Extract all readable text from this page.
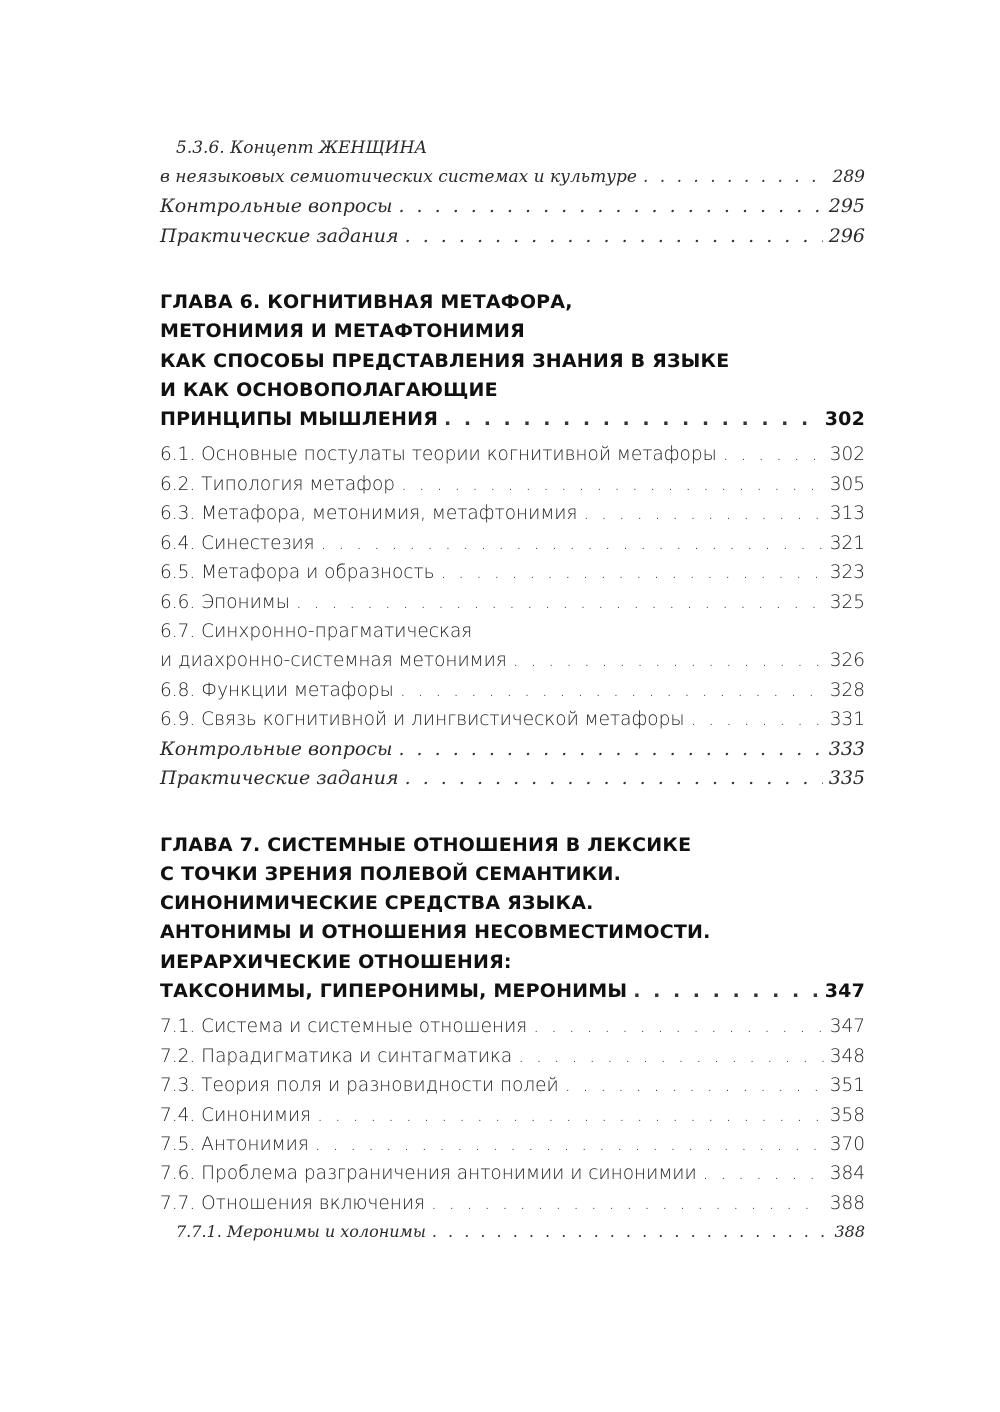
5.3.6. Концепт ЖЕНЩИНА
в неязыковых семиотических системах и культуре . . .	289
Контрольные вопросы . . .	295
Практические задания . . .	296
ГЛАВА 6. КОГНИТИВНАЯ МЕТАФОРА,
МЕТОНИМИЯ И МЕТАФТОНИМИЯ
КАК СПОСОБЫ ПРЕДСТАВЛЕНИЯ ЗНАНИЯ В ЯЗЫКЕ
И КАК ОСНОВОПОЛАГАЮЩИЕ
ПРИНЦИПЫ МЫШЛЕНИЯ . . .	302
6.1. Основные постулаты теории когнитивной метафоры . . .	302
6.2. Типология метафор . . .	305
6.3. Метафора, метонимия, метафтонимия . . .	313
6.4. Синестезия . . .	321
6.5. Метафора и образность . . .	323
6.6. Эпонимы . . .	325
6.7. Синхронно-прагматическая
и диахронно-системная метонимия . . .	326
6.8. Функции метафоры . . .	328
6.9. Связь когнитивной и лингвистической метафоры . . .	331
Контрольные вопросы . . .	333
Практические задания . . .	335
ГЛАВА 7. СИСТЕМНЫЕ ОТНОШЕНИЯ В ЛЕКСИКЕ
С ТОЧКИ ЗРЕНИЯ ПОЛЕВОЙ СЕМАНТИКИ.
СИНОНИМИЧЕСКИЕ СРЕДСТВА ЯЗЫКА.
АНТОНИМЫ И ОТНОШЕНИЯ НЕСОВМЕСТИМОСТИ.
ИЕРАРХИЧЕСКИЕ ОТНОШЕНИЯ:
ТАКСОНИМЫ, ГИПЕРОНИМЫ, МЕРОНИМЫ . . .	347
7.1. Система и системные отношения . . .	347
7.2. Парадигматика и синтагматика . . .	348
7.3. Теория поля и разновидности полей . . .	351
7.4. Синонимия . . .	358
7.5. Антонимия . . .	370
7.6. Проблема разграничения антонимии и синонимии . . .	384
7.7. Отношения включения . . .	388
7.7.1. Меронимы и холонимы . . .	388
